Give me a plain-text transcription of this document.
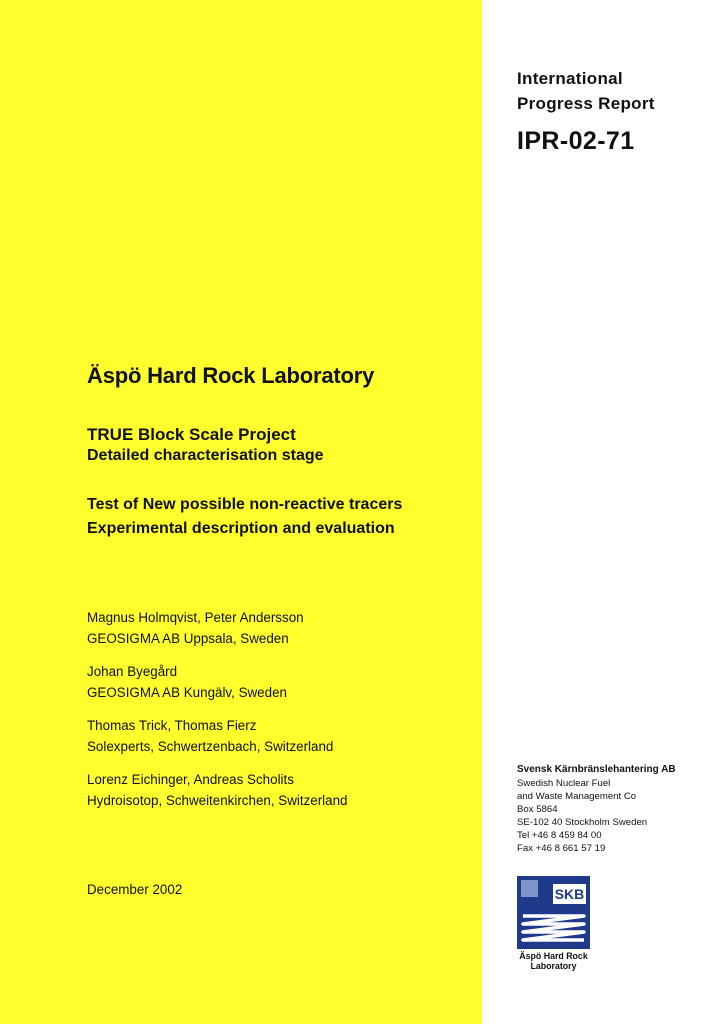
International
Progress Report
IPR-02-71
Äspö Hard Rock Laboratory
TRUE Block Scale Project
Detailed characterisation stage
Test of New possible non-reactive tracers
Experimental description and evaluation
Magnus Holmqvist, Peter Andersson
GEOSIGMA AB Uppsala, Sweden
Johan Byegård
GEOSIGMA AB Kungälv, Sweden
Thomas Trick, Thomas Fierz
Solexperts, Schwertzenbach, Switzerland
Lorenz Eichinger, Andreas Scholits
Hydroisotop, Schweitenkirchen, Switzerland
December 2002
Svensk Kärnbränslehantering AB
Swedish Nuclear Fuel
and Waste Management Co
Box 5864
SE-102 40 Stockholm Sweden
Tel +46 8 459 84 00
Fax +46 8 661 57 19
SKB
Äspö Hard Rock
Laboratory
